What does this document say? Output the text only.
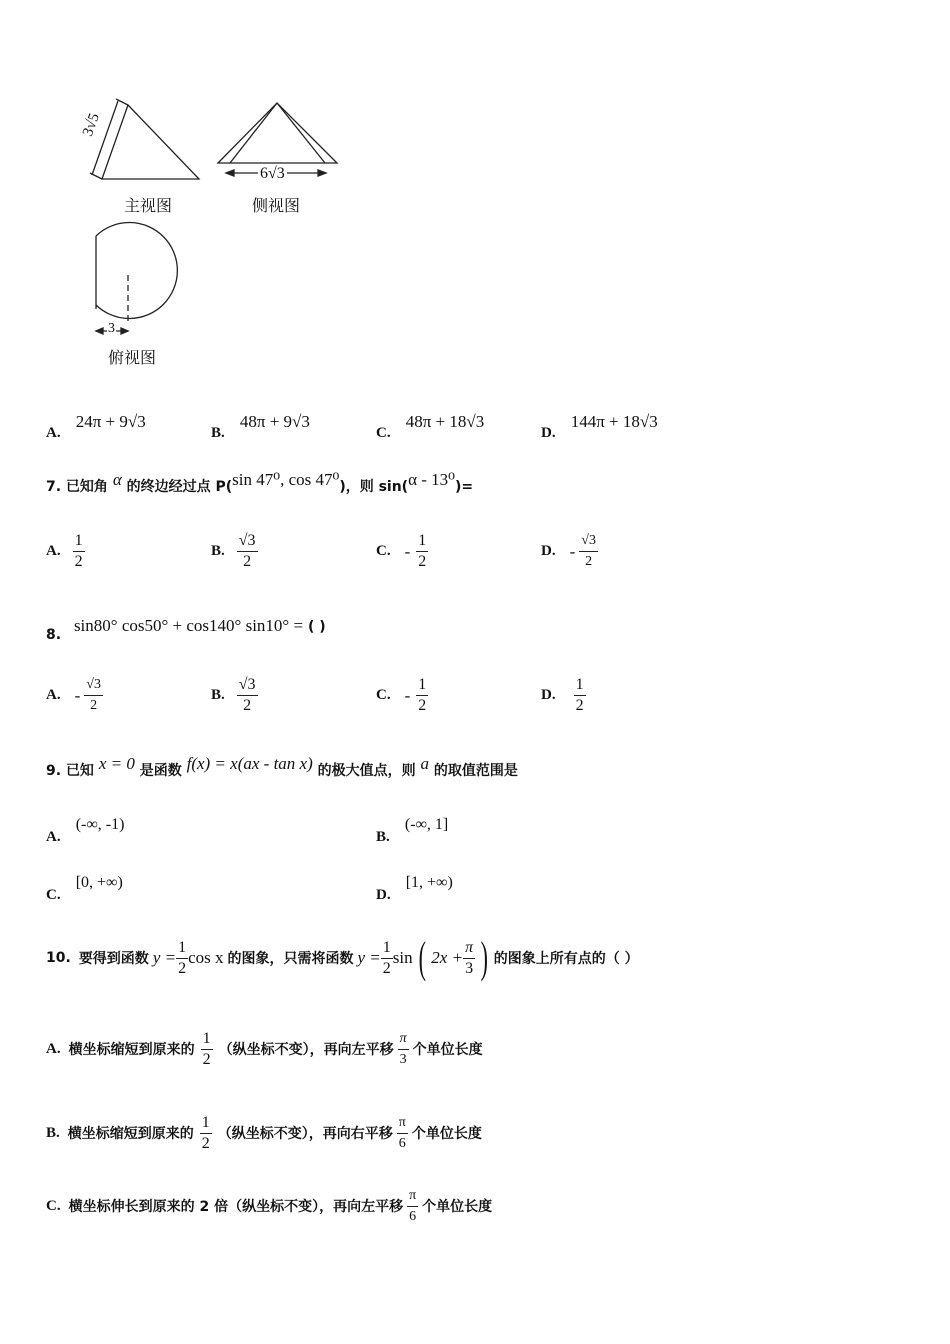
3√5
主视图
6√3
侧视图
3
俯视图
A. 24π + 9√3
B. 48π + 9√3
C. 48π + 18√3
D. 144π + 18√3
7. 已知角 α 的终边经过点 P(sin 47⁰, cos 47⁰)，则 sin(α - 13⁰)=
A. $\frac{1}{2}$	B. $\frac{√3}{2}$	C. - $\frac{1}{2}$	D. - $\frac{√3}{2}$
8. sin80° cos50° + cos140° sin10° = ( )
A. - $\frac{√3}{2}$	B. $\frac{√3}{2}$	C. - $\frac{1}{2}$	D. $\frac{1}{2}$
9. 已知 x = 0 是函数 f(x) = x(ax - tan x) 的极大值点，则 a 的取值范围是
A. (-∞, -1)
B. (-∞, 1]
C. [0, +∞)
D. [1, +∞)
10. 要得到函数 $y = \frac{1}{2}$ cos x 的图象，只需将函数 $y = \frac{1}{2}$ sin ( $2x + \frac{\pi}{3}$ ) 的图象上所有点的（ ）
A. 横坐标缩短到原来的 $\frac{1}{2}$ （纵坐标不变），再向左平移 $\frac{\pi}{3}$ 个单位长度
B. 横坐标缩短到原来的 $\frac{1}{2}$ （纵坐标不变），再向右平移 $\frac{\pi}{6}$ 个单位长度
C. 横坐标伸长到原来的 2 倍（纵坐标不变），再向左平移 $\frac{\pi}{6}$ 个单位长度
